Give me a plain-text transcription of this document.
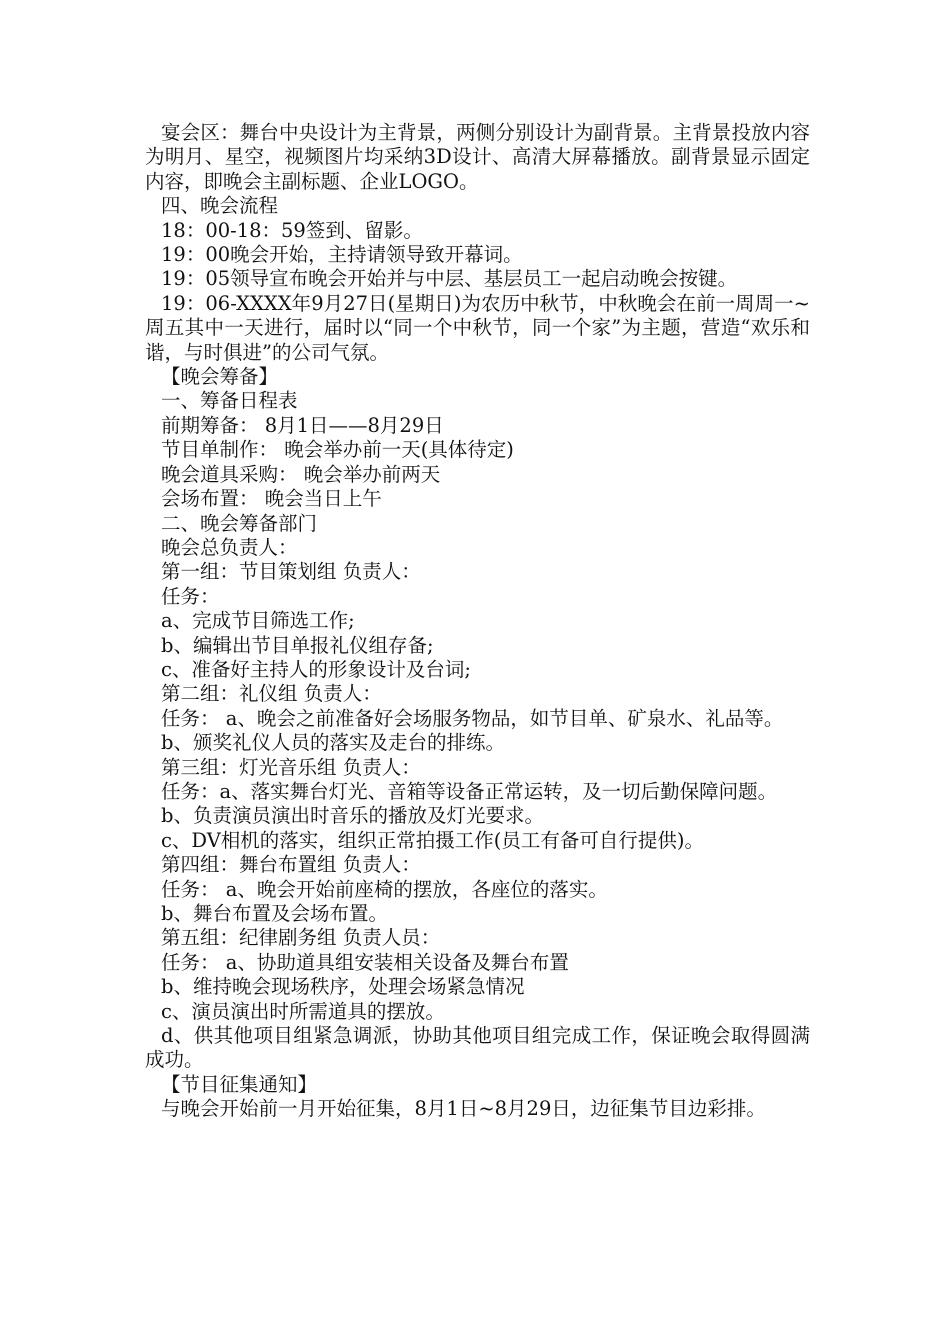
宴会区：舞台中央设计为主背景，两侧分别设计为副背景。主背景投放内容为明月、星空，视频图片均采纳3D设计、高清大屏幕播放。副背景显示固定内容，即晚会主副标题、企业LOGO。

四、晚会流程

18：00-18：59签到、留影。

19：00晚会开始，主持请领导致开幕词。

19：05领导宣布晚会开始并与中层、基层员工一起启动晚会按键。

19：06-XXXX年9月27日(星期日)为农历中秋节，中秋晚会在前一周周一~周五其中一天进行，届时以“同一个中秋节，同一个家”为主题，营造“欢乐和谐，与时俱进”的公司气氛。

【晚会筹备】

一、筹备日程表

前期筹备： 8月1日——8月29日

节目单制作： 晚会举办前一天(具体待定)

晚会道具采购： 晚会举办前两天

会场布置： 晚会当日上午

二、晚会筹备部门

晚会总负责人：

第一组：节目策划组 负责人：

任务：

a、完成节目筛选工作;

b、编辑出节目单报礼仪组存备;

c、准备好主持人的形象设计及台词;

第二组：礼仪组 负责人：

任务： a、晚会之前准备好会场服务物品，如节目单、矿泉水、礼品等。

b、颁奖礼仪人员的落实及走台的排练。

第三组：灯光音乐组 负责人：

任务：a、落实舞台灯光、音箱等设备正常运转，及一切后勤保障问题。

b、负责演员演出时音乐的播放及灯光要求。

c、DV相机的落实，组织正常拍摄工作(员工有备可自行提供)。

第四组：舞台布置组 负责人：

任务： a、晚会开始前座椅的摆放，各座位的落实。

b、舞台布置及会场布置。

第五组：纪律剧务组 负责人员：

任务： a、协助道具组安装相关设备及舞台布置

b、维持晚会现场秩序，处理会场紧急情况

c、演员演出时所需道具的摆放。

d、供其他项目组紧急调派，协助其他项目组完成工作，保证晚会取得圆满成功。

【节目征集通知】

与晚会开始前一月开始征集，8月1日~8月29日，边征集节目边彩排。
